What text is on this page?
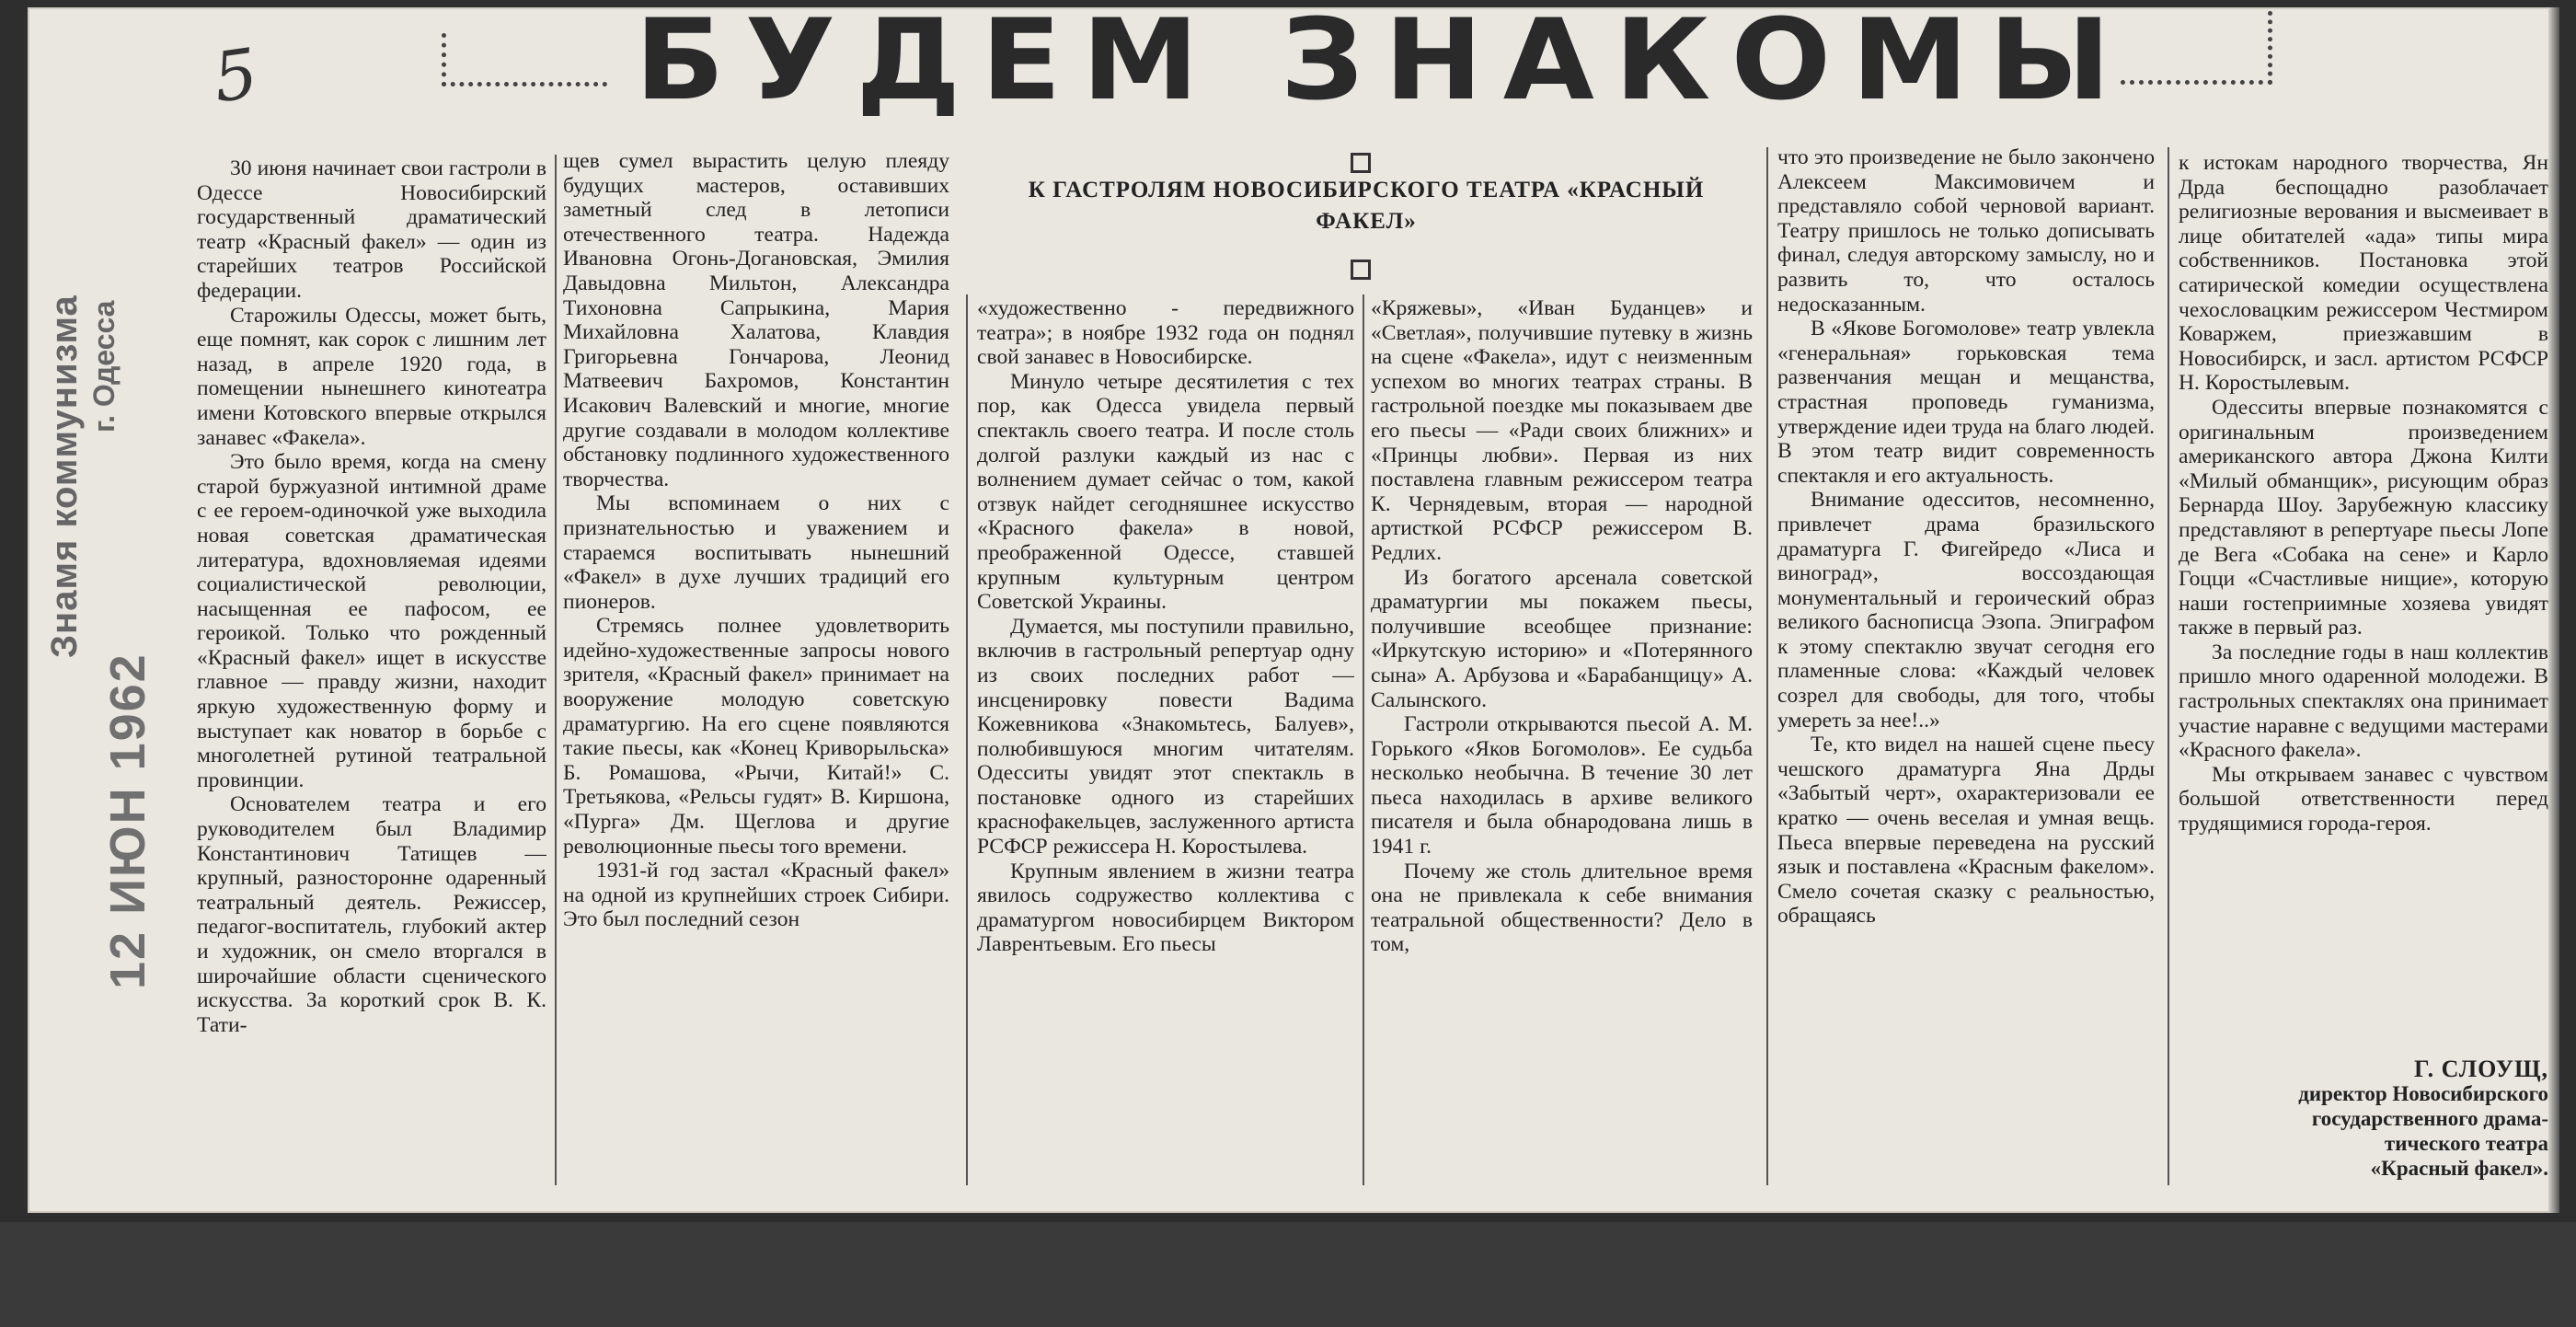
5	БУДЕМ ЗНАКОМЫ
Знамя коммунизма г. Одесса
12 ИЮН 1962
К ГАСТРОЛЯМ НОВОСИБИРСКОГО ТЕАТРА «КРАСНЫЙ ФАКЕЛ»

30 июня начинает свои гастроли в Одессе Новосибирский государственный драматический театр «Красный факел» — один из старейших театров Российской федерации.

Старожилы Одессы, может быть, еще помнят, как сорок с лишним лет назад, в апреле 1920 года, в помещении нынешнего кинотеатра имени Котовского впервые открылся занавес «Факела».

Это было время, когда на смену старой буржуазной интимной драме с ее героем-одиночкой уже выходила новая советская драматическая литература, вдохновляемая идеями социалистической революции, насыщенная ее пафосом, ее героикой. Только что рожденный «Красный факел» ищет в искусстве главное — правду жизни, находит яркую художественную форму и выступает как новатор в борьбе с многолетней рутиной театральной провинции.

Основателем театра и его руководителем был Владимир Константинович Татищев — крупный, разносторонне одаренный театральный деятель. Режиссер, педагог-воспитатель, глубокий актер и художник, он смело вторгался в широчайшие области сценического искусства. За короткий срок В. К. Тати-

щев сумел вырастить целую плеяду будущих мастеров, оставивших заметный след в летописи отечественного театра. Надежда Ивановна Огонь-Догановская, Эмилия Давыдовна Мильтон, Александра Тихоновна Сапрыкина, Мария Михайловна Халатова, Клавдия Григорьевна Гончарова, Леонид Матвеевич Бахромов, Константин Исакович Валевский и многие, многие другие создавали в молодом коллективе обстановку подлинного художественного творчества.

Мы вспоминаем о них с признательностью и уважением и стараемся воспитывать нынешний «Факел» в духе лучших традиций его пионеров.

Стремясь полнее удовлетворить идейно-художественные запросы нового зрителя, «Красный факел» принимает на вооружение молодую советскую драматургию. На его сцене появляются такие пьесы, как «Конец Криворыльска» Б. Ромашова, «Рычи, Китай!» С. Третьякова, «Рельсы гудят» В. Киршона, «Пурга» Дм. Щеглова и другие революционные пьесы того времени.

1931-й год застал «Красный факел» на одной из крупнейших строек Сибири. Это был последний сезон

«художественно - передвижного театра»; в ноябре 1932 года он поднял свой занавес в Новосибирске.

Минуло четыре десятилетия с тех пор, как Одесса увидела первый спектакль своего театра. И после столь долгой разлуки каждый из нас с волнением думает сейчас о том, какой отзвук найдет сегодняшнее искусство «Красного факела» в новой, преображенной Одессе, ставшей крупным культурным центром Советской Украины.

Думается, мы поступили правильно, включив в гастрольный репертуар одну из своих последних работ — инсценировку повести Вадима Кожевникова «Знакомьтесь, Балуев», полюбившуюся многим читателям. Одесситы увидят этот спектакль в постановке одного из старейших краснофакельцев, заслуженного артиста РСФСР режиссера Н. Коростылева.

Крупным явлением в жизни театра явилось содружество коллектива с драматургом новосибирцем Виктором Лаврентьевым. Его пьесы

«Кряжевы», «Иван Буданцев» и «Светлая», получившие путевку в жизнь на сцене «Факела», идут с неизменным успехом во многих театрах страны. В гастрольной поездке мы показываем две его пьесы — «Ради своих ближних» и «Принцы любви». Первая из них поставлена главным режиссером театра К. Чернядевым, вторая — народной артисткой РСФСР режиссером В. Редлих.

Из богатого арсенала советской драматургии мы покажем пьесы, получившие всеобщее признание: «Иркутскую историю» и «Потерянного сына» А. Арбузова и «Барабанщицу» А. Салынского.

Гастроли открываются пьесой А. М. Горького «Яков Богомолов». Ее судьба несколько необычна. В течение 30 лет пьеса находилась в архиве великого писателя и была обнародована лишь в 1941 г.

Почему же столь длительное время она не привлекала к себе внимания театральной общественности? Дело в том,

что это произведение не было закончено Алексеем Максимовичем и представляло собой черновой вариант. Театру пришлось не только дописывать финал, следуя авторскому замыслу, но и развить то, что осталось недосказанным.

В «Якове Богомолове» театр увлекла «генеральная» горьковская тема развенчания мещан и мещанства, страстная проповедь гуманизма, утверждение идеи труда на благо людей. В этом театр видит современность спектакля и его актуальность.

Внимание одесситов, несомненно, привлечет драма бразильского драматурга Г. Фигейредо «Лиса и виноград», воссоздающая монументальный и героический образ великого баснописца Эзопа. Эпиграфом к этому спектаклю звучат сегодня его пламенные слова: «Каждый человек созрел для свободы, для того, чтобы умереть за нее!..»

Те, кто видел на нашей сцене пьесу чешского драматурга Яна Дрды «Забытый черт», охарактеризовали ее кратко — очень веселая и умная вещь. Пьеса впервые переведена на русский язык и поставлена «Красным факелом». Смело сочетая сказку с реальностью, обращаясь

к истокам народного творчества, Ян Дрда беспощадно разоблачает религиозные верования и высмеивает в лице обитателей «ада» типы мира собственников. Постановка этой сатирической комедии осуществлена чехословацким режиссером Честмиром Коваржем, приезжавшим в Новосибирск, и засл. артистом РСФСР Н. Коростылевым.

Одесситы впервые познакомятся с оригинальным произведением американского автора Джона Килти «Милый обманщик», рисующим образ Бернарда Шоу. Зарубежную классику представляют в репертуаре пьесы Лопе де Вега «Собака на сене» и Карло Гоцци «Счастливые нищие», которую наши гостеприимные хозяева увидят также в первый раз.

За последние годы в наш коллектив пришло много одаренной молодежи. В гастрольных спектаклях она принимает участие наравне с ведущими мастерами «Красного факела».

Мы открываем занавес с чувством большой ответственности перед трудящимися города-героя.

Г. СЛОУЩ,
директор Новосибирского
государственного драма-
тического театра
«Красный факел».
